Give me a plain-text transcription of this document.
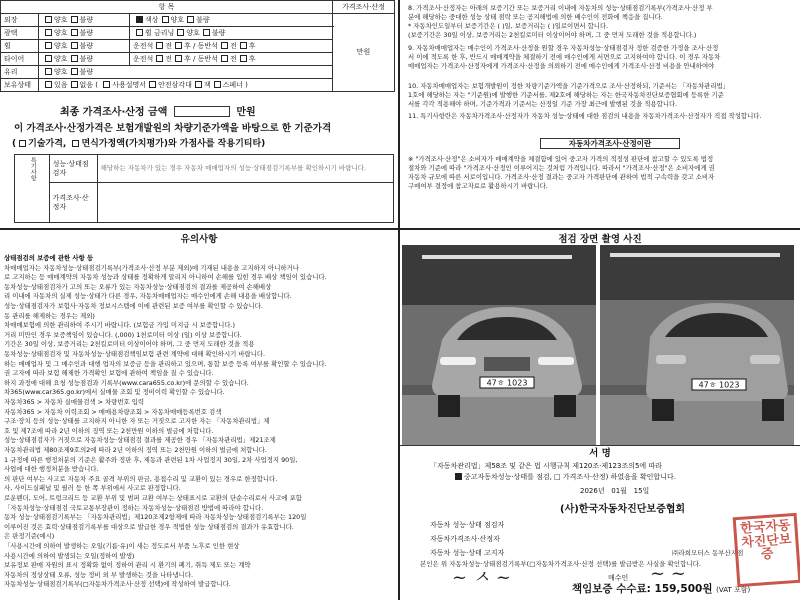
항 목			가격조사·산정
외장	양호 불량	색상 양호 불량	만원
광택	양호 불량	휠 금리닝 양호 불량	
휠	양호 불량	운전석 전 후 / 동반석 전 후	
타이어	양호 불량	운전석 전 후 / 동반석 전 후	
유리	양호 불량		
보유상태	있음 없음 ( 사용설명서 안전삼각대 잭 스페너 )		
최종 가격조사·산정 금액	만원
이 가격조사·산정가격은 보험개발원의 차량기준가액을 바탕으로 한 기준가격
( 기술가격, 면식가정액(가치평가)와 가점사를 작용기티타)
특기사항	성능·상태점검자	해당하는 자동차가 있는 경우 자동차 매매업자의 성능·상태점검기록부를 확인하시기 바랍니다.
	가격조사·산정자	
8. 가격조사·산정자는 아래의 보증기간 또는 보증거리 이내에 자동차의 성능·상태점검기록부(가격조사·산정 부
분에 해당하는 중대한 성능 상태 점락 또는 공지해법에 의한 배수인이 전화에 책응을 집니다.
* 자동차인도일부터 보증기간은 ( )일, 보증거리는 ( )일로이면서 합니다.
(보증기간은 30일 이상, 보증거리는 2천킬로미터 이상이어야 하며, 그 중 먼저 도래한 것을 적용합니다.)
9. 자동차매매업자는 매수인이 가격조사·산정을 원할 경우 자동차성능·상태점검자 정한 검증한 가정을 조사·산정
서 이에 적도록 한 후, 반드시 매매계약을 체결하기 전에 매수인에게 서면으로 고지하여야 합니다. 이 경우 자동차
매매업자는 가격조사·산정자에게 가격조사·산정을 의뢰하기 전에 매수인에게 가격조사·산정 비용을 안내하여야
10. 자동차매매업자는 보험개발원이 정한 차량기준가액을 기준가격으로 조사·산정하되, 기준서는 「자동차관리법」
1호에 해당하는 자는 "기준원)에 발행한 기준서를, 제2호에 해당하는 자는 한국자동차진단보증협회에 등록한 기준
서를 각각 적용해야 하며, 기준가격과 기준서는 산정일 기준 가장 최근에 발행된 것을 적용합니다.
11. 특기사항란은 자동차가격조사·산정자가 자동차 성능·상태에 대한 점검의 내용을 자동차가격조사·산정자가 직접 작성합니다.
자동차가격조사·산정이란
※ "가격조사·산정"은 소비자가 매매계약을 체결함에 있어 중고자 가격의 적정성 판단에 참고할 수 있도록 법정
절차와 기준에 따라 "가격조사·산정인 이루어지는 것처럼 가격입니다. 따라서 "가격조사·산정"은 소비자에게 권
자동차 규모에 따른 서로이입니다. 가격조사·산정 결과는 중고자 가격판단에 관하여 법적 구속력을 갖고 소비자
구매여부 결정에 참고자료로 활용하시기 바랍니다.
유의사항
상태점검의 보증에 관한 사항 등
차매매업자는 자동차성능·상태점검기록부(가격조사·산정 부분 제외)에 기재된 내용을 고지하지 아니하거나
로 고지하는 등 매매계약의 자동차 성능과 상태를 정확하게 알리지 아니하여 손해를 입힌 경우 배상 책임이 있습니다.
동차성능·상태점검자가 고의 또는 오류가 있는 자동차성능·상태점검의 결과를 제공하여 손해배상
리 이내에 자동차의 실제 성능·상태가 다른 경우, 자동차매매업자는 매수인에게 손해 내용을 배상합니다.
성능·상태점검자가 보험사·자동차 정보시스템에 이에 관련된 보증 여부를 확인할 수 있습니다.
동 관리를 해제하는 경우는 제외)
차매매보험에 의한 관리하여 주시기 바랍니다. (보험금 가입 미지급 시 보증합니다.)
거리 미만인 경우 보증책임이 있습니다. (,000) 1천로미터 이상 (일) 이상 보증합니다.
기간은 30일 이상, 보증거리는 2천킬로미터 이상이어야 하며, 그 중 먼저 도래한 것을 적용
동차성능·상태점검자 및 자동차성능·상태점검책임보험 관련 계약에 대해 확인하시기 바랍니다.
하는 매매업자 및 그 매수인과 대행 업자의 보증금 등을 관리하고 있으며, 통합 보증 등록 여부를 확인할 수 있습니다.
권 고자에 따라 보험 해제한 가격확인 보험에 관하여 책임을 질 수 있습니다.
하지 과정에 대해 요청 성능점검과 기록부(www.cara655.co.kr)에 문의할 수 있습니다.
차365(www.car365.go.kr)에서 실매물 조회 및 정비이력 확인할 수 있습니다.
자동차365 > 자동차 실매물검색 > 차량번호 입력
자동차365 > 자동차 이력조회 > 매매용차량조회 > 자동차매매등록번호 검색
구조·장치 등의 성능·상태를 고지하지 아니한 자 또는 거짓으로 고지한 자는 「자동차관리법」제
호 및 제7조에 따라 2년 이하의 징역 또는 2천만원 이하의 벌금에 처합니다.
성능·상태점검자가 거짓으로 자동차성능·상태점검 결과를 제공한 경우 「자동차관리법」제21조제
자동차관리법 제80조제9호의2에 따라 2년 이하의 징역 또는 2천만원 이하의 벌금에 처합니다.
1 규정에 따른 행정처분의 기준은 활주와 정판 후, 제동과 관련된 1차 사업정지 30일, 2차 사업정지 90일,
사업에 대한 행정처분을 받습니다.
의 판단 여부는 사고로 자동차 주요 골격 부위의 판금, 용접수리 및 교환이 있는 경우로 한정합니다.
사, 사이드실패널 및 필러 등 한 쪽 부위에서 사고로 판정합니다.
로운펜더, 도어, 트렁크리드 등 교환 부위 및 범퍼 교환 여부는 상태표시로 교환의 단순수리로서 사고에 포함
「자동차성능·상태점검 국토교통부장관이 정하는 자동차성능·상태점검 방법에 따라야 합니다.
동차 성능·상태점검기록부는 「자동차관리법」제120조제2항제에 따라 자동차성능·상태점검기록부는 120일
이루어진 것은 효력·상태점검기록부를 대상으로 발급한 경우 적법한 성능 상태점검의 결과가 유효합니다.
은 판정기준(예시)
「사용시간에 의하여 발생하는 오일(기름·유)이 새는 정도로서 부품 노후로 인한 현상
사용시간에 의하여 발생되는 오일(정하여 발생)
보유정보 판매 자원의 표시 정확화 없이 정하여 관리 시 환기의 폐기, 취득 제도 또는 계약
자동차의 정상상태 오류, 성능 정비 외 부 발생하는 것을 나타냅니다.
자동차성능·상태점검기록부(□자동차가격조사·산정 선택)에 작성하여 발급합니다.
점검 장면 촬영 사진
47ㅎ 1023	47ㅎ 1023
서 명
「자동차관리법」제58조 및 같은 법 시행규칙 제120조·제123조의5에 따라
중고자동차성능·상태를 점검, □ 가격조사·산정) 하였음을 확인합니다.
2026년 01월 15일
(사)한국자동차진단보증협회
자동차 성능·상태 점검자
자동차가격조사·산정자
자동차 성능·상태 고지자	㈜라희모터스 동부산지점
본인은 위 자동차성능·상태점검기록부(□자동차가격조사·산정 선택)를 발급받은 사실을 확인합니다.
매수인
~ ㅅ ~	~ ~
책임보증 수수료: 159,500원 (VAT 포함)
한국자동차진단보증
